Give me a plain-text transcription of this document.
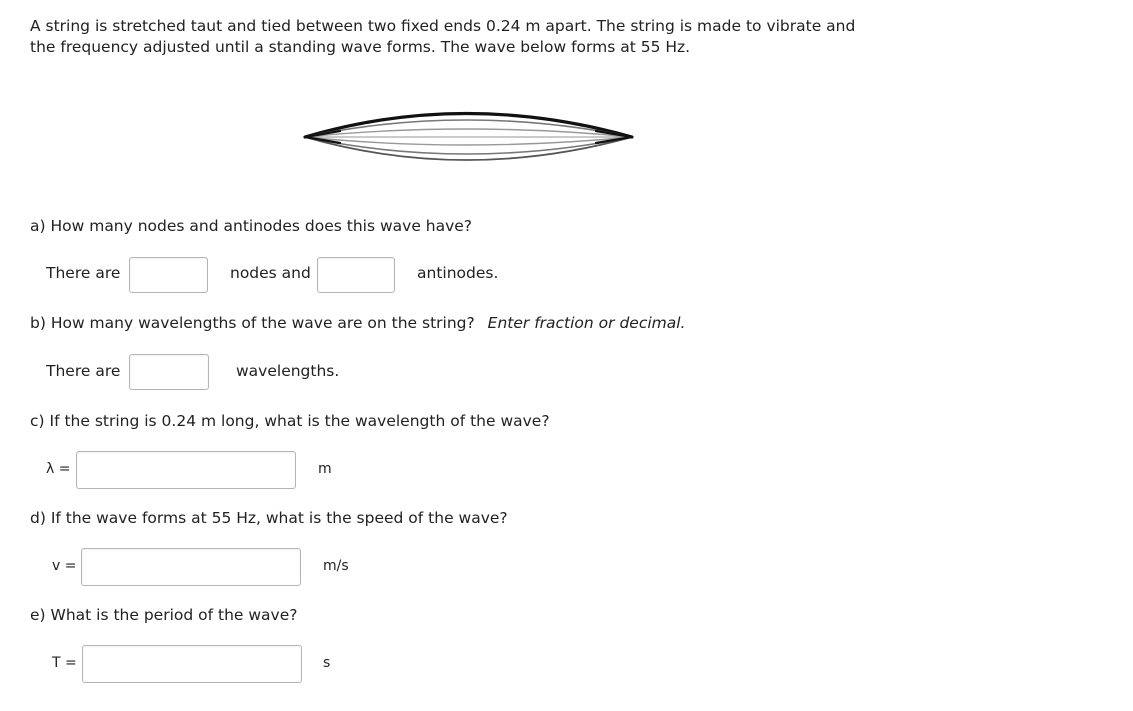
A string is stretched taut and tied between two fixed ends 0.24 m apart. The string is made to vibrate and
the frequency adjusted until a standing wave forms. The wave below forms at 55 Hz.
a) How many nodes and antinodes does this wave have?
There are	nodes and	antinodes.
b) How many wavelengths of the wave are on the string? Enter fraction or decimal.
There are	wavelengths.
c) If the string is 0.24 m long, what is the wavelength of the wave?
λ =	m
d) If the wave forms at 55 Hz, what is the speed of the wave?
v =	m/s
e) What is the period of the wave?
T =	s
